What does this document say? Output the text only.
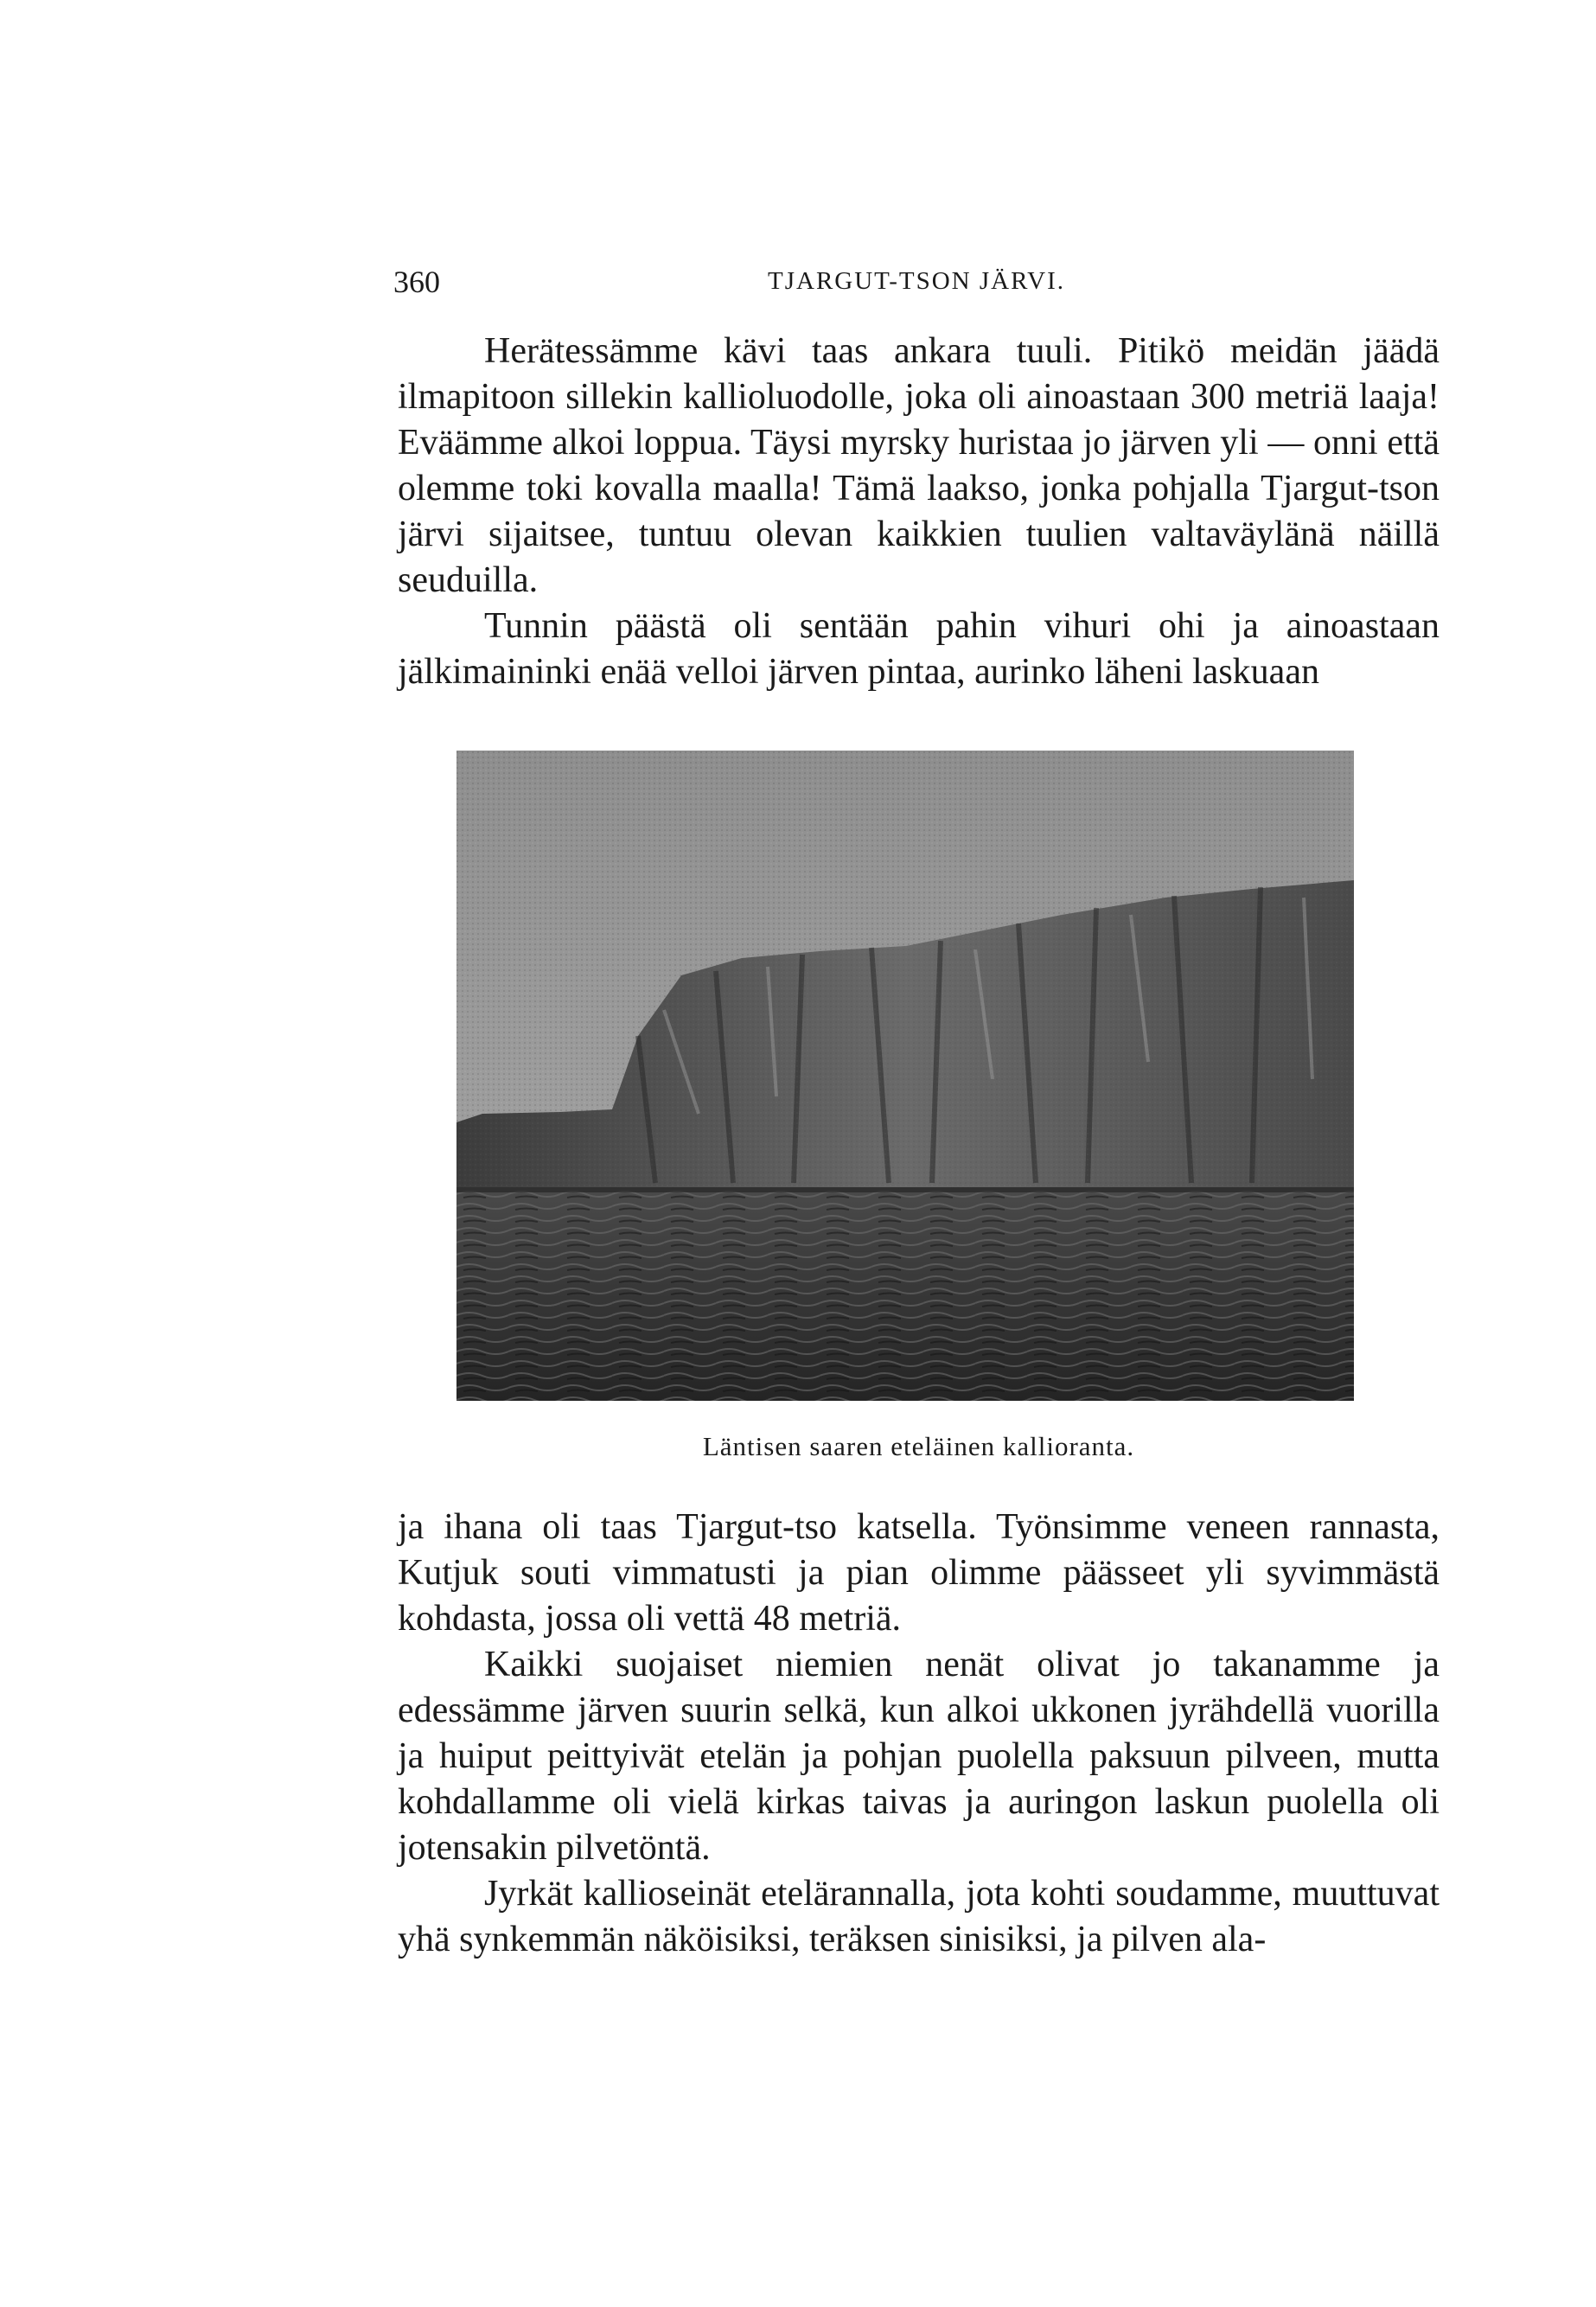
360	TJARGUT-TSON JÄRVI.

Herätessämme kävi taas ankara tuuli. Pitikö meidän jäädä ilmapitoon sillekin kallioluodolle, joka oli ainoastaan 300 metriä laaja! Eväämme alkoi loppua. Täysi myrsky huristaa jo järven yli — onni että olemme toki kovalla maalla! Tämä laakso, jonka pohjalla Tjargut-tson järvi sijaitsee, tuntuu olevan kaikkien tuulien valtaväylänä näillä seuduilla.

Tunnin päästä oli sentään pahin vihuri ohi ja ainoastaan jälkimaininki enää velloi järven pintaa, aurinko läheni laskuaan

Läntisen saaren eteläinen kallioranta.

ja ihana oli taas Tjargut-tso katsella. Työnsimme veneen rannasta, Kutjuk souti vimmatusti ja pian olimme päässeet yli syvimmästä kohdasta, jossa oli vettä 48 metriä.

Kaikki suojaiset niemien nenät olivat jo takanamme ja edessämme järven suurin selkä, kun alkoi ukkonen jyrähdellä vuorilla ja huiput peittyivät etelän ja pohjan puolella paksuun pilveen, mutta kohdallamme oli vielä kirkas taivas ja auringon laskun puolella oli jotensakin pilvetöntä.

Jyrkät kallioseinät etelärannalla, jota kohti soudamme, muuttuvat yhä synkemmän näköisiksi, teräksen sinisiksi, ja pilven ala-
